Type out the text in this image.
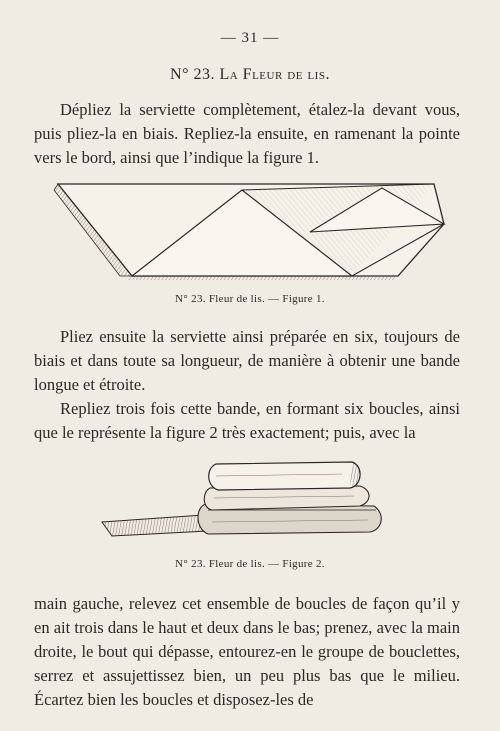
— 31 —
N° 23. La Fleur de lis.

Dépliez la serviette complètement, étalez-la devant vous, puis pliez-la en biais. Repliez-la ensuite, en ramenant la pointe vers le bord, ainsi que l’indique la figure 1.

N° 23. Fleur de lis. — Figure 1.

Pliez ensuite la serviette ainsi préparée en six, toujours de biais et dans toute sa longueur, de manière à obtenir une bande longue et étroite.

Repliez trois fois cette bande, en formant six boucles, ainsi que le représente la figure 2 très exactement; puis, avec la

N° 23. Fleur de lis. — Figure 2.

main gauche, relevez cet ensemble de boucles de façon qu’il y en ait trois dans le haut et deux dans le bas; prenez, avec la main droite, le bout qui dépasse, entourez-en le groupe de bouclettes, serrez et assujettissez bien, un peu plus bas que le milieu. Écartez bien les boucles et disposez-les de
